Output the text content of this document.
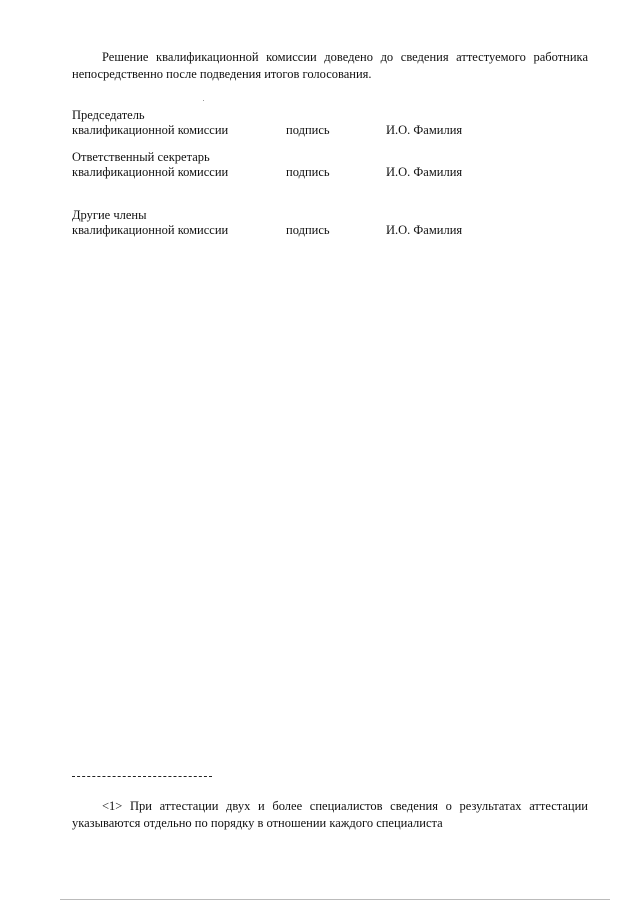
Решение квалификационной комиссии доведено до сведения аттестуемого работника непосредственно после подведения итогов голосования.
Председатель
квалификационной комиссии	подпись	И.О. Фамилия
Ответственный секретарь
квалификационной комиссии	подпись	И.О. Фамилия
Другие члены
квалификационной комиссии	подпись	И.О. Фамилия
<1> При аттестации двух и более специалистов сведения о результатах аттестации указываются отдельно по порядку в отношении каждого специалиста
